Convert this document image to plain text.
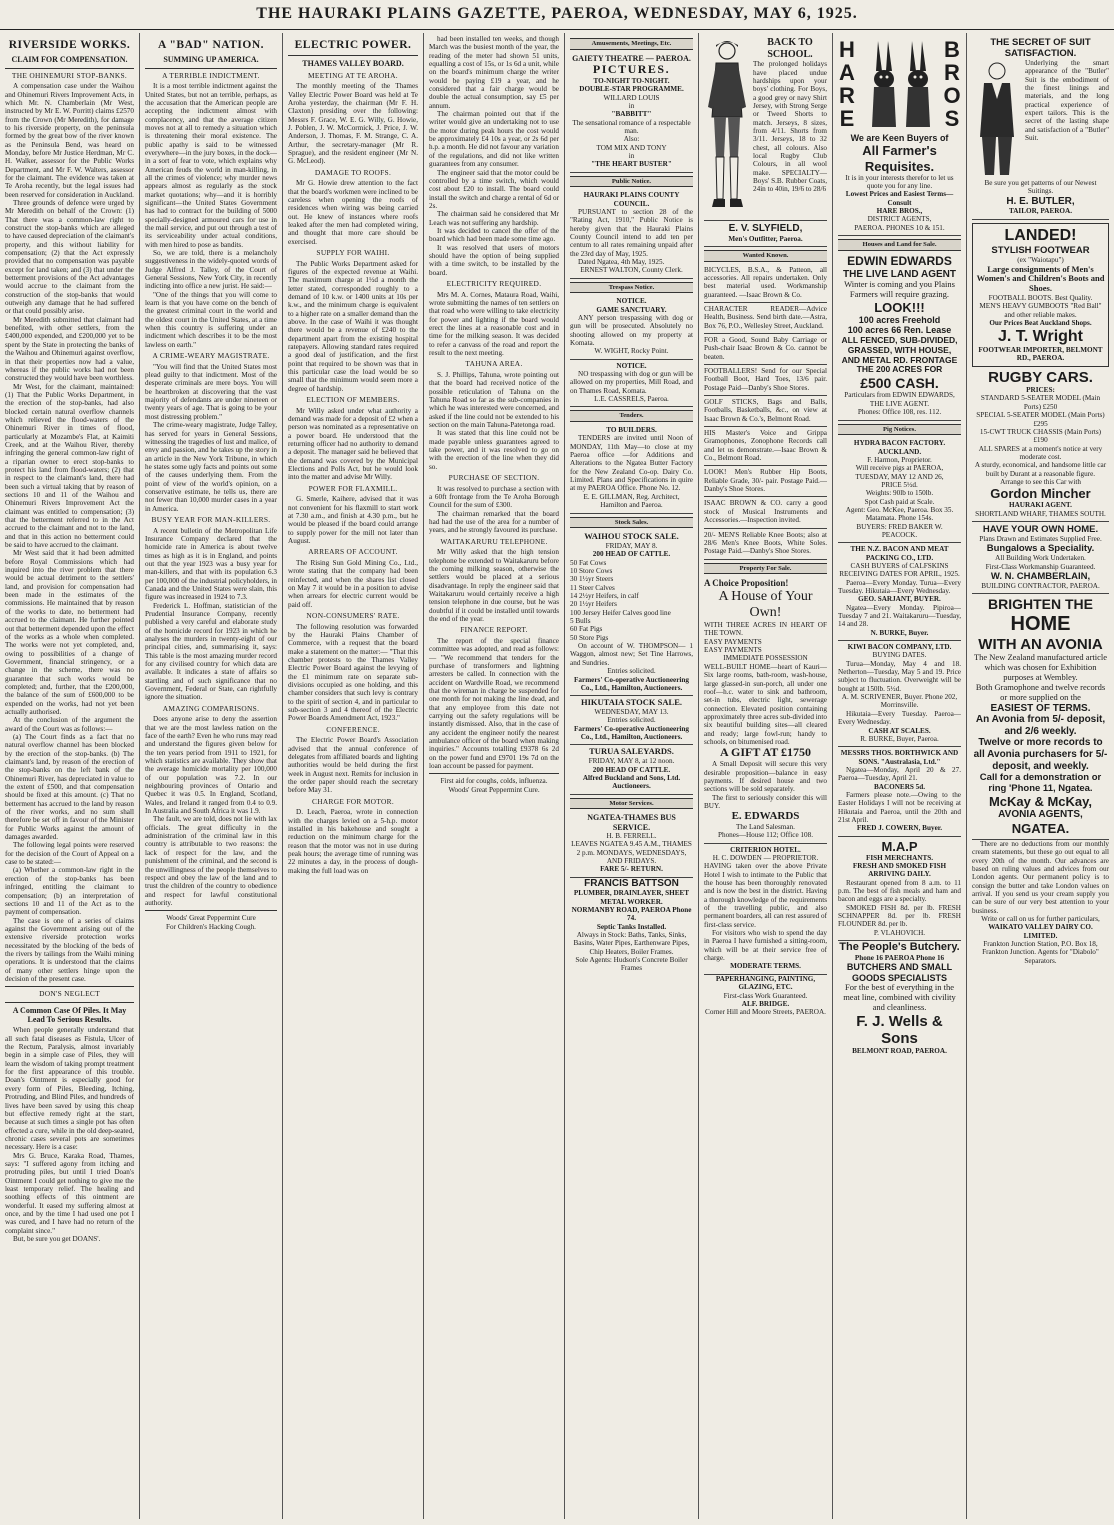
THE HAURAKI PLAINS GAZETTE, PAEROA, WEDNESDAY, MAY 6, 1925.
RIVERSIDE WORKS.
CLAIM FOR COMPENSATION.
THE OHINEMURI STOP-BANKS.

A compensation case under the Waihou and Ohinemuri Rivers Improvement Acts, in which Mr. N. Chamberlain (Mr West, instructed by Mr E. W. Porritt) claims £2570 from the Crown (Mr Meredith), for damage to his riverside property, on the peninsula formed by the great bow of the river known as the Peninsula Bend, was heard on Monday, before Mr Justice Herdman, Mr C. H. Walker, assessor for the Public Works Department, and Mr F. W. Walters, assessor for the claimant. The evidence was taken at Te Aroha recently, but the legal issues had been reserved for consideration in Auckland.

Three grounds of defence were urged by Mr Meredith on behalf of the Crown: (1) That there was a common-law right to construct the stop-banks which are alleged to have caused depreciation of the claimant's property, and this without liability for compensation; (2) that the Act expressly provided that no compensation was payable except for land taken; and (3) that under the betterment provisions of the Act advantages would accrue to the claimant from the construction of the stop-banks that would outweigh any damage that he had suffered or that could possibly arise.

Mr Meredith submitted that claimant had benefited, with other settlers, from the £400,000 expended, and £200,000 yet to be spent by the State in protecting the banks of the Waihou and Ohinemuri against overflow, in that their properties now had a value, whereas if the public works had not been constructed they would have been worthless.

Mr West, for the claimant, maintained: (1) That the Public Works Department, in the erection of the stop-banks, had also blocked certain natural overflow channels which relieved the flood-waters of the Ohinemuri River in times of flood, particularly at Mozambe's Flat, at Kaimiti Creek, and at the Waihou River, thereby infringing the general common-law right of a riparian owner to erect stop-banks to protect his land from flood-waters; (2) that in respect to the claimant's land, there had been such a virtual taking that by reason of sections 10 and 11 of the Waihou and Ohinemuri Rivers Improvement Act the claimant was entitled to compensation; (3) that the betterment referred to in the Act accrued to the claimant and not to the land, and that in this action no betterment could be said to have accrued to the claimant.

Mr West said that it had been admitted before Royal Commissions which had inquired into the river problem that there would be actual detriment to the settlers' land, and provision for compensation had been made in the estimates of the commissions. He maintained that by reason of the works to date, no betterment had accrued to the claimant. He further pointed out that betterment depended upon the effect of the works as a whole when completed. The works were not yet completed, and, owing to possibilities of a change of Government, financial stringency, or a change in the scheme, there was no guarantee that such works would be completed; and, further, that the £200,000, the balance of the sum of £600,000 to be expended on the works, had not yet been actually authorised.

At the conclusion of the argument the award of the Court was as follows:—

(a) The Court finds as a fact that no natural overflow channel has been blocked by the erection of the stop-banks. (b) The claimant's land, by reason of the erection of the stop-banks on the left bank of the Ohinemuri River, has depreciated in value to the extent of £500, and that compensation should be fixed at this amount. (c) That no betterment has accrued to the land by reason of the river works, and no sum shall therefore be set off in favour of the Minister for Public Works against the amount of damages awarded.

The following legal points were reserved for the decision of the Court of Appeal on a case to be stated:—

(a) Whether a common-law right in the erection of the stop-banks has been infringed, entitling the claimant to compensation; (b) an interpretation of sections 10 and 11 of the Act as to the payment of compensation.

The case is one of a series of claims against the Government arising out of the extensive riverside protection works necessitated by the blocking of the beds of the rivers by tailings from the Waihi mining operations. It is understood that the claims of many other settlers hinge upon the decision of the present case.

DON'S NEGLECT
A Common Case Of Piles. It May Lead To Serious Results.

When people generally understand that all such fatal diseases as Fistula, Ulcer of the Rectum, Paralysis, almost invariably begin in a simple case of Piles, they will learn the wisdom of taking prompt treatment for the first appearance of this trouble. Doan's Ointment is especially good for every form of Piles, Bleeding, Itching, Protruding, and Blind Piles, and hundreds of lives have been saved by using this cheap but effective remedy right at the start, because at such times a single pot has often effected a cure, while in the old deep-seated, chronic cases several pots are sometimes necessary. Here is a case:

Mrs G. Bruce, Karaka Road, Thames, says: "I suffered agony from itching and protruding piles, but until I tried Doan's Ointment I could get nothing to give me the least temporary relief. The healing and soothing effects of this ointment are wonderful. It eased my suffering almost at once, and by the time I had used one pot I was cured, and I have had no return of the complaint since."

But, be sure you get DOANS'.

A "BAD" NATION.
SUMMING UP AMERICA.
A TERRIBLE INDICTMENT.

It is a most terrible indictment against the United States, but not an terrible, perhaps, as the accusation that the American people are accepting the indictment almost with complacency, and that the average citizen moves not at all to remedy a situation which is threatening their moral existence. The public apathy is said to be witnessed everywhere—in the jury boxes, in the dock—in a sort of fear to vote, which explains why American feuds the world in man-killing, in all the crimes of violence; why murder news appears almost as regularly as the stock market quotations; why—and it is horribly significant—the United States Government has had to contract for the building of 5000 specially-designed armoured cars for use in the mail service, and put out through a test of its serviceability under actual conditions, with men hired to pose as bandits.

So, we are told, there is a melancholy suggestiveness in the widely-quoted words of Judge Alfred J. Talley, of the Court of General Sessions, New York City, in recently indicting into office a new jurist. He said:—

"One of the things that you will come to learn is that you have come on the bench of the greatest criminal court in the world and the oldest court in the United States, at a time when this country is suffering under an indictment which describes it to be the most lawless on earth."

A CRIME-WEARY MAGISTRATE.

"You will find that the United States most plead guilty to that indictment. Most of the desperate criminals are mere boys. You will be heartbroken at discovering that the vast majority of defendants are under nineteen or twenty years of age. That is going to be your most distressing problem."

The crime-weary magistrate, Judge Talley, has served for years in General Sessions, witnessing the tragedies of lust and malice, of envy and passion, and he takes up the story in an article in the New York Tribune, in which he states some ugly facts and points out some of the causes underlying them. From the point of view of the world's opinion, on a conservative estimate, he tells us, there are not fewer than 10,000 murder cases in a year in America.

BUSY YEAR FOR MAN-KILLERS.

A recent bulletin of the Metropolitan Life Insurance Company declared that the homicide rate in America is about twelve times as high as it is in England, and points out that the year 1923 was a busy year for man-killers, and that with its population 6.3 per 100,000 of the industrial policyholders, in Canada and the United States were slain, this figure was increased in 1924 to 7.3.

Frederick L. Hoffman, statistician of the Prudential Insurance Company, recently published a very careful and elaborate study of the homicide record for 1923 in which he analyses the murders in twenty-eight of our principal cities, and, summarising it, says: This table is the most amazing murder record for any civilised country for which data are available. It indicates a state of affairs so startling and of such significance that no Government, Federal or State, can rightfully ignore the situation.

AMAZING COMPARISONS.

Does anyone arise to deny the assertion that we are the most lawless nation on the face of the earth? Even he who runs may read and understand the figures given below for the ten years period from 1911 to 1921, for which statistics are available. They show that the average homicide mortality per 100,000 of our population was 7.2. In our neighbouring provinces of Ontario and Quebec it was 0.5. In England, Scotland, Wales, and Ireland it ranged from 0.4 to 0.9. In Australia and South Africa it was 1.9.

The fault, we are told, does not lie with lax officials. The great difficulty in the administration of the criminal law in this country is attributable to two reasons: the lack of respect for the law, and the punishment of the criminal, and the second is the unwillingness of the people themselves to respect and obey the law of the land and to trust the children of the country to obedience and respect for lawful constitutional authority.

Woods' Great Peppermint Cure

For Children's Hacking Cough.

ELECTRIC POWER.
THAMES VALLEY BOARD.
MEETING AT TE AROHA.

The monthly meeting of the Thames Valley Electric Power Board was held at Te Aroha yesterday, the chairman (Mr F. H. Claxton) presiding over the following: Messrs F. Grace, W. E. G. Willy, G. Howie, J. Poblen, J. W. McCormick, J. Price, J. W. Anderson, J. Thomas, F. M. Strange, C. A. Arthur, the secretary-manager (Mr R. Sprague), and the resident engineer (Mr N. G. McLeod).

DAMAGE TO ROOFS.

Mr G. Howie drew attention to the fact that the board's workmen were inclined to be careless when opening the roofs of residences when wiring was being carried out. He knew of instances where roofs leaked after the men had completed wiring, and thought that more care should be exercised.

SUPPLY FOR WAIHI.

The Public Works Department asked for figures of the expected revenue at Waihi. The maximum charge at 1½d a month the letter stated, corresponded roughly to a demand of 10 k.w. or 1400 units at 10s per k.w., and the minimum charge is equivalent to a higher rate on a smaller demand than the above. In the case of Waihi it was thought there would be a revenue of £240 to the department apart from the existing hospital ratepayers. Allowing standard rates required a good deal of justification, and the first point that required to be shown was that in this particular case the load would be so small that the minimum would seem more a degree of hardship.

ELECTION OF MEMBERS.

Mr Willy asked under what authority a demand was made for a deposit of £2 when a person was nominated as a representative on a power board. He understood that the returning officer had no authority to demand a deposit. The manager said he believed that the demand was covered by the Municipal Elections and Polls Act, but he would look into the matter and advise Mr Willy.

POWER FOR FLAXMILL.

G. Smerle, Kaihere, advised that it was not convenient for his flaxmill to start work at 7.30 a.m., and finish at 4.30 p.m., but he would be pleased if the board could arrange to supply power for the mill not later than August.

ARREARS OF ACCOUNT.

The Rising Sun Gold Mining Co., Ltd., wrote stating that the company had been reinfected, and when the shares list closed on May 7 it would be in a position to advise when arrears for electric current would be paid off.

NON-CONSUMERS' RATE.

The following resolution was forwarded by the Hauraki Plains Chamber of Commerce, with a request that the board make a statement on the matter:— "That this chamber protests to the Thames Valley Electric Power Board against the levying of the £1 minimum rate on separate sub-divisions occupied as one holding, and this chamber considers that such levy is contrary to the spirit of section 4, and in particular to sub-section 3 and 4 thereof of the Electric Power Boards Amendment Act, 1923."

CONFERENCE.

The Electric Power Board's Association advised that the annual conference of delegates from affiliated boards and lighting authorities would be held during the first week in August next. Remits for inclusion in the order paper should reach the secretary before May 31.

CHARGE FOR MOTOR.

D. Leach, Paeroa, wrote in connection with the charges levied on a 5-h.p. motor installed in his bakehouse and sought a reduction on the minimum charge for the reason that the motor was not in use during peak hours; the average time of running was 22 minutes a day, in the process of dough-making the full load was on

had been installed ten weeks, and though March was the busiest month of the year, the reading of the meter had shown 51 units, equalling a cost of 15s, or 1s 6d a unit, while on the board's minimum charge the writer would be paying £19 a year, and he considered that a fair charge would be double the actual consumption, say £5 per annum.

The chairman pointed out that if the writer would give an undertaking not to use the motor during peak hours the cost would be approximately £4 10s a year, or 2s 6d per h.p. a month. He did not favour any variation of the regulations, and did not like written guarantees from any consumer.

The engineer said that the motor could be controlled by a time switch, which would cost about £20 to install. The board could install the switch and charge a rental of 6d or 2s.

The chairman said he considered that Mr Leach was not suffering any hardship.

It was decided to cancel the offer of the board which had been made some time ago.

It was resolved that users of motors should have the option of being supplied with a time switch, to be installed by the board.

ELECTRICITY REQUIRED.

Mrs M. A. Cornes, Mataura Road, Waihi, wrote submitting the names of ten settlers on that road who were willing to take electricity for power and lighting if the board would erect the lines at a reasonable cost and in time for the milking season. It was decided to refer a canvass of the road and report the result to the next meeting.

TAHUNA AREA.

S. J. Phillips, Tahuna, wrote pointing out that the board had received notice of the possible reticulation of Tahuna on the Tahuna Road so far as the sub-companies in which he was interested were concerned, and asked if the line could not be extended to his section on the main Tahuna-Patetonga road.

It was stated that this line could not be made payable unless guarantees agreed to take power, and it was resolved to go on with the erection of the line when they did so.

PURCHASE OF SECTION.

It was resolved to purchase a section with a 60ft frontage from the Te Aroha Borough Council for the sum of £300.

The chairman remarked that the board had had the use of the area for a number of years, and he strongly favoured its purchase.

WAITAKARURU TELEPHONE.

Mr Willy asked that the high tension telephone be extended to Waitakaruru before the coming milking season, otherwise the settlers would be placed at a serious disadvantage. In reply the engineer said that Waitakaruru would certainly receive a high tension telephone in due course, but he was doubtful if it could be installed until towards the end of the year.

FINANCE REPORT.

The report of the special finance committee was adopted, and read as follows:— "We recommend that tenders for the purchase of transformers and lightning arresters be called. In connection with the accident on Wardville Road, we recommend that the wireman in charge be suspended for one month for not making the line dead, and that any employee from this date not carrying out the safety regulations will be instantly dismissed. Also, that in the case of any accident the engineer notify the nearest ambulance officer of the board when making inquiries." Accounts totalling £9378 6s 2d on the power fund and £9701 19s 7d on the loan account be passed for payment.

First aid for coughs, colds, influenza.

Woods' Great Peppermint Cure.

Amusements, Meetings, Etc.

GAIETY THEATRE — PAEROA.

PICTURES.

TO-NIGHT TO-NIGHT.

DOUBLE-STAR PROGRAMME.

WILLARD LOUIS

in

"BABBITT"

The sensational romance of a respectable man.

Also:

TOM MIX AND TONY

in

"THE HEART BUSTER"

Public Notice.

HAURAKI PLAINS COUNTY COUNCIL.

PURSUANT to section 28 of the "Rating Act, 1910," Public Notice is hereby given that the Hauraki Plains County Council intend to add ten per centum to all rates remaining unpaid after the 23rd day of May, 1925.

Dated Ngatea, 4th May, 1925.

ERNEST WALTON, County Clerk.

Trespass Notice.

NOTICE.

GAME SANCTUARY.

ANY person trespassing with dog or gun will be prosecuted. Absolutely no shooting allowed on my property at Komata.

W. WIGHT, Rocky Point.

NOTICE.

NO trespassing with dog or gun will be allowed on my properties, Mill Road, and on Thames Road, Komata.

L.E. CASSRELS, Paeroa.

Tenders.

TO BUILDERS.

TENDERS are invited until Noon of MONDAY, 11th May—to close at my Paeroa office —for Additions and Alterations to the Ngatea Butter Factory for the New Zealand Co-op. Dairy Co. Limited. Plans and Specifications in quire at my PAEROA Office. Phone No. 12.

E. E. GILLMAN, Reg. Architect, Hamilton and Paeroa.

Stock Sales.

WAIHOU STOCK SALE.

FRIDAY, MAY 8.

200 HEAD OF CATTLE.

50 Fat Cows

10 Store Cows

30 1½yr Steers

11 Steer Calves

14 2½yr Heifers, in calf

20 1½yr Heifers

100 Jersey Heifer Calves good line

5 Bulls

60 Fat Pigs

50 Store Pigs

On account of W. THOMPSON— 1 Waggon, almost new; Set Tine Harrows, and Sundries.

Entries solicited.

Farmers' Co-operative Auctioneering Co., Ltd., Hamilton, Auctioneers.

HIKUTAIA STOCK SALE.

WEDNESDAY, MAY 13.

Entries solicited.

Farmers' Co-operative Auctioneering Co., Ltd., Hamilton, Auctioneers.

TURUA SALEYARDS.

FRIDAY, MAY 8, at 12 noon.

200 HEAD OF CATTLE.

Alfred Buckland and Sons, Ltd. Auctioneers.

Motor Services.

NGATEA-THAMES BUS SERVICE.

H. B. FERRELL.

LEAVES NGATEA 9.45 A.M., THAMES 2 p.m. MONDAYS, WEDNESDAYS, AND FRIDAYS.

FARE 5/- RETURN.

FRANCIS BATTSON

PLUMBER, DRAINLAYER, SHEET METAL WORKER.

NORMANBY ROAD, PAEROA Phone 74.

Septic Tanks Installed.

Always in Stock: Baths, Tanks, Sinks, Basins, Water Pipes, Earthenware Pipes, Chip Heaters, Boiler Frames.

Sole Agents: Hudson's Concrete Boiler Frames

BACK TO SCHOOL.

The prolonged holidays have placed undue hardships upon your boys' clothing. For Boys, a good grey or navy Shirt Jersey, with Strong Serge or Tweed Shorts to match. Jerseys, 8 sizes, from 4/11. Shorts from 3/11. Jerseys, 18 to 32 chest, all colours. Also local Rugby Club Colours, in all wool make. SPECIALTY—Boys' S.B. Rubber Coats, 24in to 40in, 19/6 to 28/6

E. V. SLYFIELD,

Men's Outfitter, Paeroa.

Wanted Known.

BICYCLES, B.S.A., & Patteon, all accessories. All repairs undertaken. Only best material used. Workmanship guaranteed. —Isaac Brown & Co.

CHARACTER READER—Advice Health, Business. Send birth date.—Astra, Box 76, P.O., Wellesley Street, Auckland.

FOR a Good, Sound Baby Carriage or Push-chair Isaac Brown & Co. cannot be beaten.

FOOTBALLERS! Send for our Special Football Boot, Hard Toes, 13/6 pair. Postage Paid—Danby's Shoe Stores.

GOLF STICKS, Bags and Balls, Footballs, Basketballs, &c., on view at Isaac Brown & Co.'s, Belmont Road.

HIS Master's Voice and Grippa Gramophones, Zonophone Records call and let us demonstrate.—Isaac Brown & Co., Belmont Road.

LOOK! Men's Rubber Hip Boots, Reliable Grade, 30/- pair. Postage Paid.—Danby's Shoe Stores.

ISAAC BROWN & CO. carry a good stock of Musical Instruments and Accessories.—Inspection invited.

20/- MEN'S Reliable Knee Boots; also at 28/6 Men's Knee Boots, White Soles. Postage Paid.—Danby's Shoe Stores.

Property For Sale.

A Choice Proposition!

A House of Your Own!

WITH THREE ACRES IN HEART OF THE TOWN.

EASY PAYMENTS

EASY PAYMENTS

IMMEDIATE POSSESSION

WELL-BUILT HOME—heart of Kauri—Six large rooms, bath-room, wash-house, large glassed-in sun-porch, all under one roof—h.c. water to sink and bathroom, set-in tubs, electric light, sewerage connection. Elevated position containing approximately three acres sub-divided into six beautiful building sites—all cleared and ready; large fowl-run; handy to schools, on bitumenised road.

A GIFT AT £1750

A Small Deposit will secure this very desirable proposition—balance in easy payments. If desired house and two sections will be sold separately.

The first to seriously consider this will BUY.

E. EDWARDS

The Land Salesman.

Phones—House 112; Office 108.

CRITERION HOTEL.

H. C. DOWDEN — PROPRIETOR.

HAVING taken over the above Private Hotel I wish to intimate to the Public that the house has been thoroughly renovated and is now the best in the district. Having a thorough knowledge of the requirements of the travelling public, and also permanent boarders, all can rest assured of first-class service.

For visitors who wish to spend the day in Paeroa I have furnished a sitting-room, which will be at their service free of charge.

MODERATE TERMS.

PAPERHANGING, PAINTING, GLAZING, ETC.

First-class Work Guaranteed.

ALF. BRIDGE.

Corner Hill and Moore Streets, PAEROA.

HARE
BROS

We are Keen Buyers of

All Farmer's Requisites.

It is in your interests therefor to let us quote you for any line.

Lowest Prices and Easiest Terms—Consult

HARE BROS.,

DISTRICT AGENTS,

PAEROA. PHONES 10 & 151.

Houses and Land for Sale.

EDWIN EDWARDS

THE LIVE LAND AGENT

Winter is coming and you Plains Farmers will require grazing.

LOOK!!!

100 acres Freehold

100 acres 66 Ren. Lease

ALL FENCED, SUB-DIVIDED, GRASSED, WITH HOUSE, AND METAL RD. FRONTAGE

THE 200 ACRES FOR

£500 CASH.

Particulars from EDWIN EDWARDS, THE LIVE AGENT.

Phones: Office 108, res. 112.

Pig Notices.

HYDRA BACON FACTORY. AUCKLAND.

F. Harmon, Proprietor.

Will receive pigs at PAEROA,

TUESDAY, MAY 12 AND 26,

PRICE 5½d.

Weights: 90lb to 150lb.

Spot Cash paid at Scale.

Agent: Geo. McKee, Paeroa. Box 35. Matamata. Phone 154s.

BUYERS: FRED BAKER W. PEACOCK.

THE N.Z. BACON AND MEAT PACKING CO., LTD.

CASH BUYERS of CALFSKINS

RECEIVING DATES FOR APRIL, 1925.

Paeroa—Every Monday. Turua—Every Tuesday. Hikutaia—Every Wednesday.

GEO. SARJANT, BUYER.

Ngatea—Every Monday. Pipiroa—Tuesday 7 and 21. Waitakaruru—Tuesday, 14 and 28.

N. BURKE, Buyer.

KIWI BACON COMPANY, LTD.

BUYING DATES.

Turua—Monday, May 4 and 18. Netherton—Tuesday, May 5 and 19. Price subject to fluctuation. Overweight will be bought at 150lb. 5½d.

A. M. SCRIVENER, Buyer. Phone 202, Morrinsville.

Hikutaia—Every Tuesday. Paeroa—Every Wednesday.

CASH AT SCALES.

R. BURKE, Buyer, Paeroa.

MESSRS THOS. BORTHWICK AND SONS. "Australasia, Ltd."

Ngatea—Monday, April 20 & 27. Paeroa—Tuesday, April 21.

BACONERS 5d.

Farmers please note.—Owing to the Easter Holidays I will not be receiving at Hikutaia and Paeroa, until the 20th and 21st April.

FRED J. COWERN, Buyer.

M.A.P

FISH MERCHANTS.

FRESH AND SMOKED FISH ARRIVING DAILY.

Restaurant opened from 8 a.m. to 11 p.m. The best of fish meals and ham and bacon and eggs are a specialty.

SMOKED FISH 8d. per lb. FRESH SCHNAPPER 8d. per lb. FRESH FLOUNDER 8d. per lb.

P. VLAHOVICH.

The People's Butchery.

Phone 16 PAEROA Phone 16

BUTCHERS AND SMALL GOODS SPECIALISTS

For the best of everything in the meat line, combined with civility and cleanliness.

F. J. Wells & Sons

BELMONT ROAD, PAEROA.

THE SECRET OF SUIT SATISFACTION.

Underlying the smart appearance of the "Butler" Suit is the embodiment of the finest linings and materials, and the long practical experience of expert tailors. This is the secret of the lasting shape and satisfaction of a "Butler" Suit.

Be sure you get patterns of our Newest Suitings.

H. E. BUTLER,

TAILOR, PAEROA.

LANDED!

STYLISH FOOTWEAR

(ex "Waiotapu")

Large consignments of Men's Women's and Children's Boots and Shoes.

FOOTBALL BOOTS. Best Quality.

MEN'S HEAVY GUMBOOTS "Red Ball" and other reliable makes.

Our Prices Beat Auckland Shops.

J. T. Wright

FOOTWEAR IMPORTER, BELMONT RD., PAEROA.

RUGBY CARS.

PRICES:

STANDARD 5-SEATER MODEL (Main Ports) £250

SPECIAL 5-SEATER MODEL (Main Ports) £295

15-CWT TRUCK CHASSIS (Main Ports) £190

ALL SPARES at a moment's notice at very moderate cost.

A sturdy, economical, and handsome little car built by Durant at a reasonable figure.

Arrange to see this Car with

Gordon Mincher

HAURAKI AGENT.

SHORTLAND WHARF, THAMES SOUTH.

HAVE YOUR OWN HOME.

Plans Drawn and Estimates Supplied Free.

Bungalows a Speciality.

All Building Work Undertaken.

First-Class Workmanship Guaranteed.

W. N. CHAMBERLAIN,

BUILDING CONTRACTOR, PAEROA.

BRIGHTEN THE

HOME

WITH AN AVONIA

The New Zealand manufactured article which was chosen for Exhibition purposes at Wembley.

Both Gramophone and twelve records or more supplied on the

EASIEST OF TERMS.

An Avonia from 5/- deposit, and 2/6 weekly.

Twelve or more records to all Avonia purchasers for 5/- deposit, and weekly.

Call for a demonstration or ring 'Phone 11, Ngatea.

McKay & McKay,

AVONIA AGENTS,

NGATEA.

There are no deductions from our monthly cream statements, but these go out equal to all every 20th of the month. Our advances are based on ruling values and advices from our London agents. Our permanent policy is to consign the butter and take London values on arrival. If you send us your cream supply you can be sure of our very best attention to your business.

Write or call on us for further particulars,

WAIKATO VALLEY DAIRY CO. LIMITED.

Frankton Junction Station, P.O. Box 18, Frankton Junction. Agents for "Diabolo" Separators.
